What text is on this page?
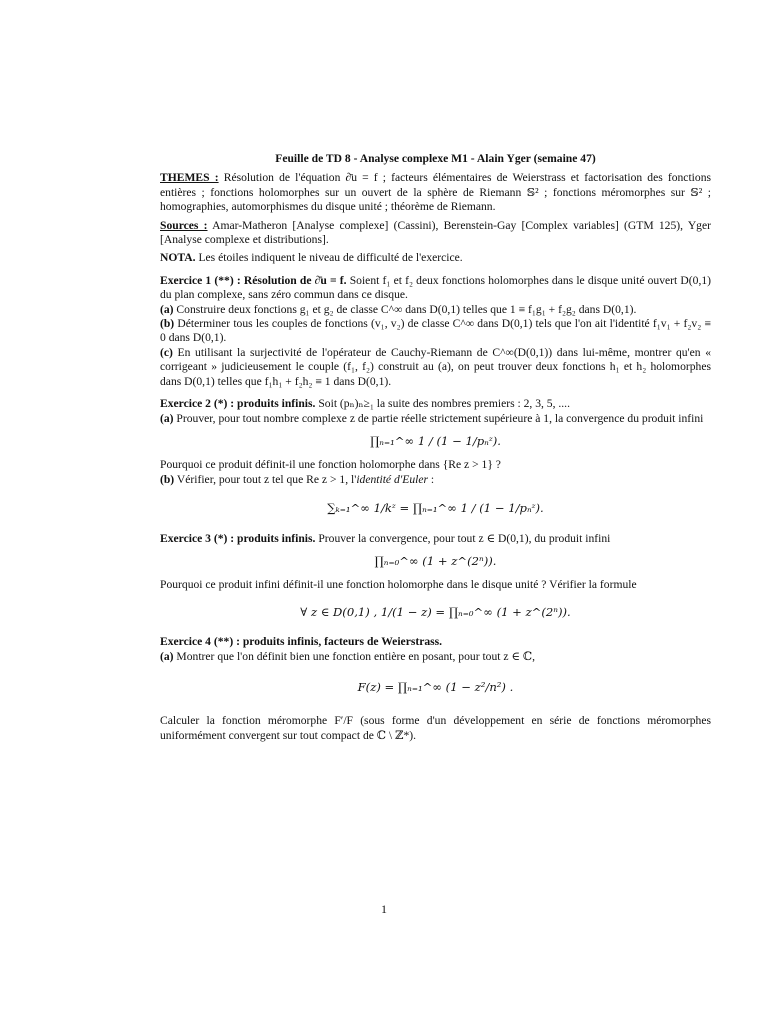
Feuille de TD 8 - Analyse complexe M1 - Alain Yger (semaine 47)

THEMES : Résolution de l'équation ∂̄u = f ; facteurs élémentaires de Weierstrass et factorisation des fonctions entières ; fonctions holomorphes sur un ouvert de la sphère de Riemann 𝕊² ; fonctions méromorphes sur 𝕊² ; homographies, automorphismes du disque unité ; théorème de Riemann.

Sources : Amar-Matheron [Analyse complexe] (Cassini), Berenstein-Gay [Complex variables] (GTM 125), Yger [Analyse complexe et distributions].

NOTA. Les étoiles indiquent le niveau de difficulté de l'exercice.

Exercice 1 (**) : Résolution de ∂̄u = f. Soient f₁ et f₂ deux fonctions holomorphes dans le disque unité ouvert D(0,1) du plan complexe, sans zéro commun dans ce disque.

(a) Construire deux fonctions g₁ et g₂ de classe C^∞ dans D(0,1) telles que 1 ≡ f₁g₁ + f₂g₂ dans D(0,1).

(b) Déterminer tous les couples de fonctions (v₁, v₂) de classe C^∞ dans D(0,1) tels que l'on ait l'identité f₁v₁ + f₂v₂ ≡ 0 dans D(0,1).

(c) En utilisant la surjectivité de l'opérateur de Cauchy-Riemann de C^∞(D(0,1)) dans lui-même, montrer qu'en « corrigeant » judicieusement le couple (f₁, f₂) construit au (a), on peut trouver deux fonctions h₁ et h₂ holomorphes dans D(0,1) telles que f₁h₁ + f₂h₂ ≡ 1 dans D(0,1).

Exercice 2 (*) : produits infinis. Soit (pₙ)ₙ≥₁ la suite des nombres premiers : 2, 3, 5, ....

(a) Prouver, pour tout nombre complexe z de partie réelle strictement supérieure à 1, la convergence du produit infini

∏ₙ₌₁^∞ 1 / (1 − 1/pₙᶻ).

Pourquoi ce produit définit-il une fonction holomorphe dans {Re z > 1} ?

(b) Vérifier, pour tout z tel que Re z > 1, l'identité d'Euler :

∑ₖ₌₁^∞ 1/kᶻ = ∏ₙ₌₁^∞ 1 / (1 − 1/pₙᶻ).

Exercice 3 (*) : produits infinis. Prouver la convergence, pour tout z ∈ D(0,1), du produit infini

∏ₙ₌₀^∞ (1 + z^(2ⁿ)).

Pourquoi ce produit infini définit-il une fonction holomorphe dans le disque unité ? Vérifier la formule

∀ z ∈ D(0,1) , 1/(1 − z) = ∏ₙ₌₀^∞ (1 + z^(2ⁿ)).

Exercice 4 (**) : produits infinis, facteurs de Weierstrass.

(a) Montrer que l'on définit bien une fonction entière en posant, pour tout z ∈ ℂ,

F(z) = ∏ₙ₌₁^∞ (1 − z²/n²) .

Calculer la fonction méromorphe F′/F (sous forme d'un développement en série de fonctions méromorphes uniformément convergent sur tout compact de ℂ \ ℤ*).

1
